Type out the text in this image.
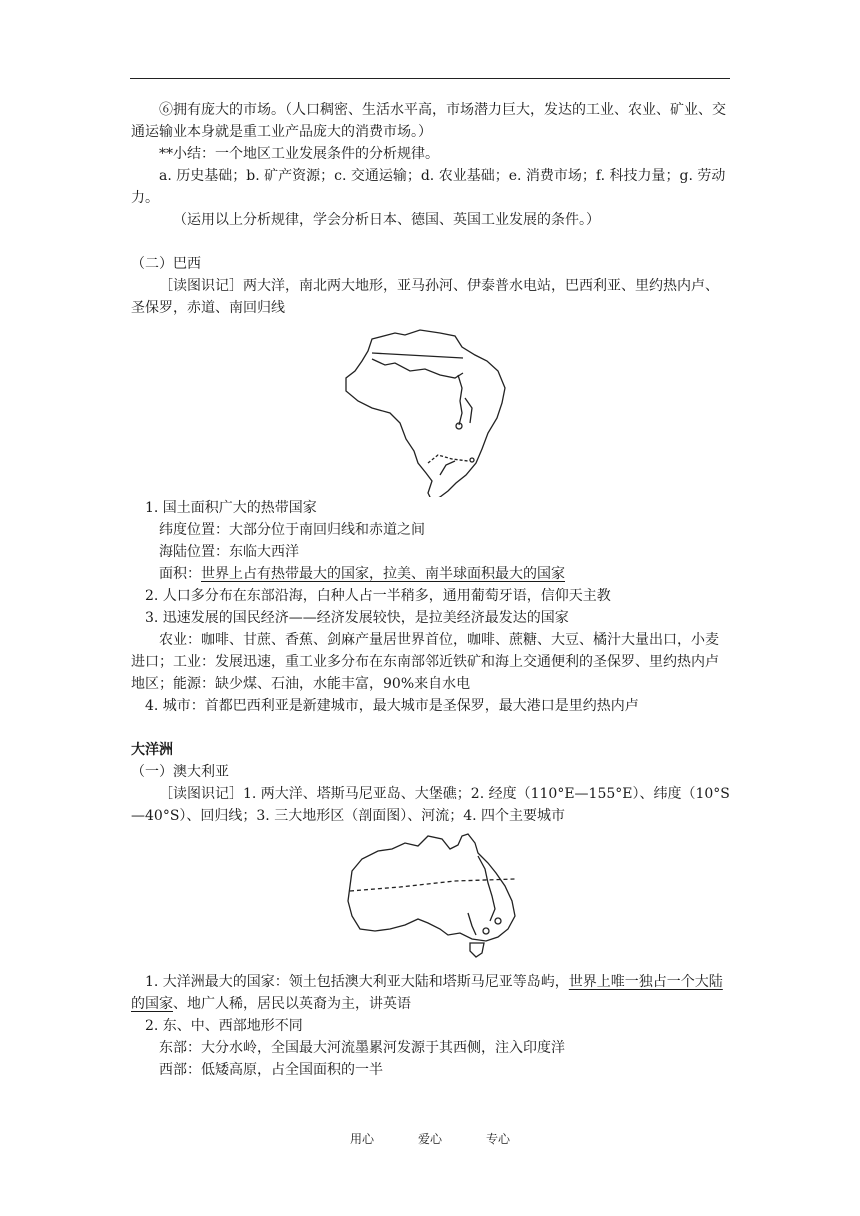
⑥拥有庞大的市场。（人口稠密、生活水平高，市场潜力巨大，发达的工业、农业、矿业、交通运输业本身就是重工业产品庞大的消费市场。）

**小结：一个地区工业发展条件的分析规律。

a. 历史基础；b. 矿产资源；c. 交通运输；d. 农业基础；e. 消费市场；f. 科技力量；g. 劳动力。

（运用以上分析规律，学会分析日本、德国、英国工业发展的条件。）

（二）巴西

［读图识记］两大洋，南北两大地形，亚马孙河、伊泰普水电站，巴西利亚、里约热内卢、圣保罗，赤道、南回归线

1. 国土面积广大的热带国家

纬度位置：大部分位于南回归线和赤道之间

海陆位置：东临大西洋

面积：世界上占有热带最大的国家，拉美、南半球面积最大的国家

2. 人口多分布在东部沿海，白种人占一半稍多，通用葡萄牙语，信仰天主教

3. 迅速发展的国民经济——经济发展较快，是拉美经济最发达的国家

农业：咖啡、甘蔗、香蕉、剑麻产量居世界首位，咖啡、蔗糖、大豆、橘汁大量出口，小麦进口；工业：发展迅速，重工业多分布在东南部邻近铁矿和海上交通便利的圣保罗、里约热内卢地区；能源：缺少煤、石油，水能丰富，90%来自水电

4. 城市：首都巴西利亚是新建城市，最大城市是圣保罗，最大港口是里约热内卢

大洋洲

（一）澳大利亚

［读图识记］1. 两大洋、塔斯马尼亚岛、大堡礁；2. 经度（110°E—155°E）、纬度（10°S—40°S）、回归线；3. 三大地形区（剖面图）、河流；4. 四个主要城市

1. 大洋洲最大的国家：领土包括澳大利亚大陆和塔斯马尼亚等岛屿，世界上唯一独占一个大陆的国家、地广人稀，居民以英裔为主，讲英语

2. 东、中、西部地形不同

东部：大分水岭，全国最大河流墨累河发源于其西侧，注入印度洋

西部：低矮高原，占全国面积的一半

用心	爱心	专心
